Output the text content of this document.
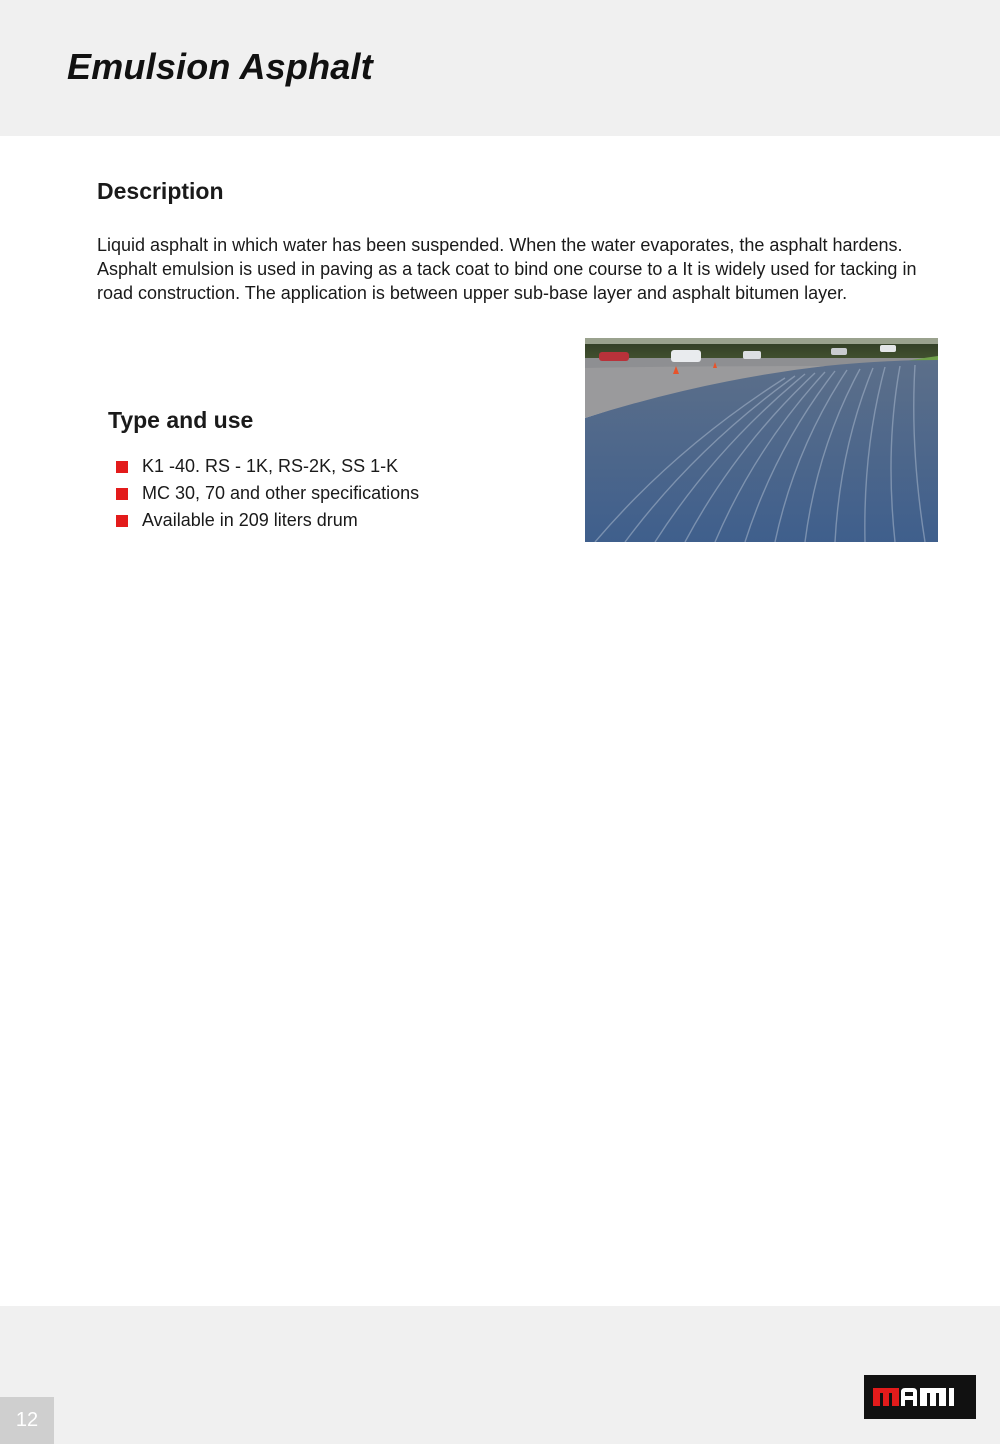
Emulsion Asphalt
Description

Liquid asphalt in which water has been suspended. When the water evaporates, the asphalt hardens. Asphalt emulsion is used in paving as a tack coat to bind one course to a It is widely used for tacking in road construction. The application is between upper sub-base layer and asphalt bitumen layer.

Type and use
K1 -40. RS - 1K, RS-2K, SS 1-K
MC 30, 70 and other specifications
Available in 209 liters drum
12
